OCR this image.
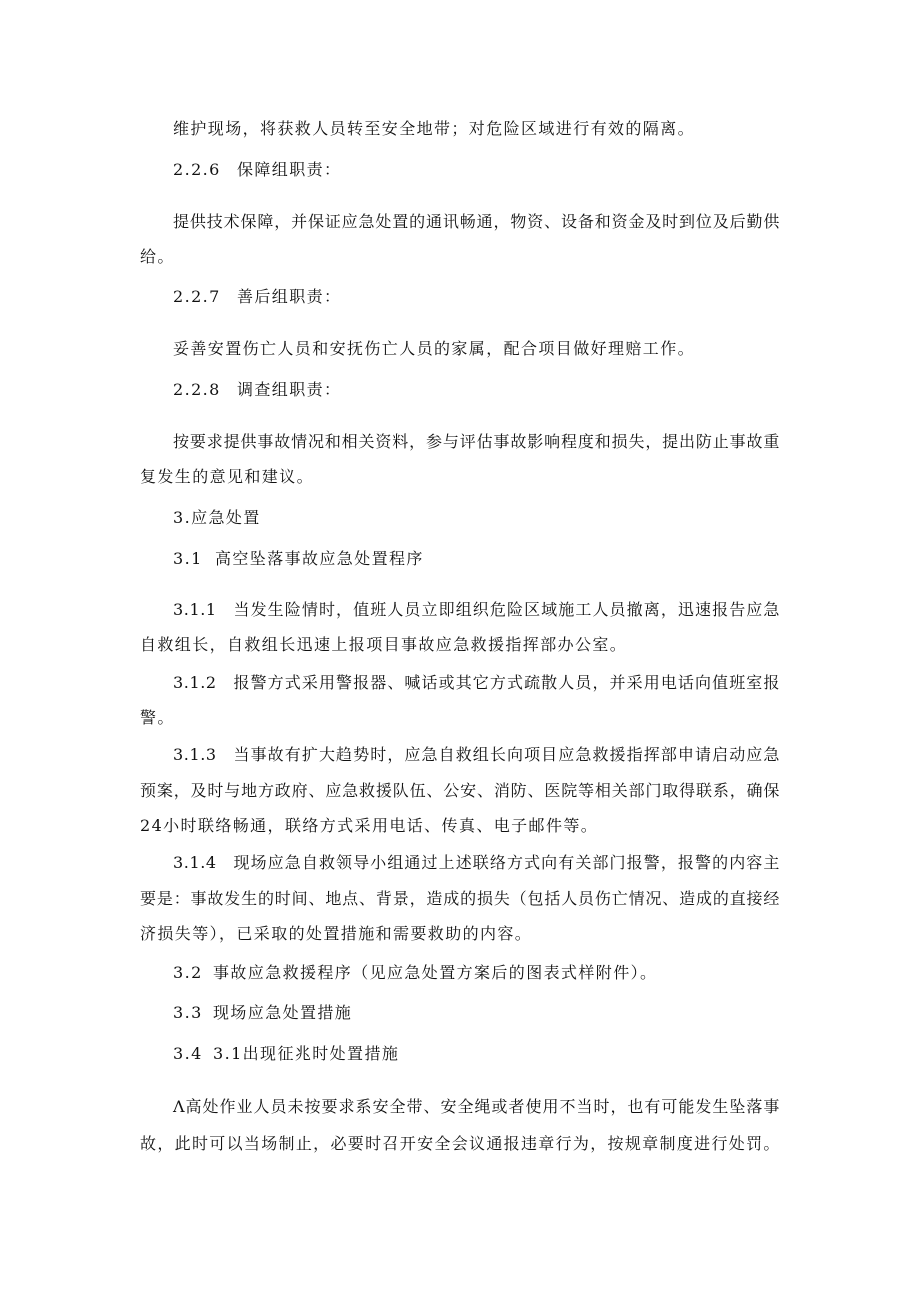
维护现场，将获救人员转至安全地带；对危险区域进行有效的隔离。
2.2.6 保障组职责：
提供技术保障，并保证应急处置的通讯畅通，物资、设备和资金及时到位及后勤供
给。
2.2.7 善后组职责：
妥善安置伤亡人员和安抚伤亡人员的家属，配合项目做好理赔工作。
2.2.8 调查组职责：
按要求提供事故情况和相关资料，参与评估事故影响程度和损失，提出防止事故重
复发生的意见和建议。
3.应急处置
3.1 高空坠落事故应急处置程序
3.1.1 当发生险情时，值班人员立即组织危险区域施工人员撤离，迅速报告应急
自救组长，自救组长迅速上报项目事故应急救援指挥部办公室。
3.1.2 报警方式采用警报器、喊话或其它方式疏散人员，并采用电话向值班室报
警。
3.1.3 当事故有扩大趋势时，应急自救组长向项目应急救援指挥部申请启动应急
预案，及时与地方政府、应急救援队伍、公安、消防、医院等相关部门取得联系，确保
24小时联络畅通，联络方式采用电话、传真、电子邮件等。
3.1.4 现场应急自救领导小组通过上述联络方式向有关部门报警，报警的内容主
要是：事故发生的时间、地点、背景，造成的损失（包括人员伤亡情况、造成的直接经
济损失等），已采取的处置措施和需要救助的内容。
3.2 事故应急救援程序（见应急处置方案后的图表式样附件）。
3.3 现场应急处置措施
3.4 3.1出现征兆时处置措施
Λ高处作业人员未按要求系安全带、安全绳或者使用不当时，也有可能发生坠落事
故，此时可以当场制止，必要时召开安全会议通报违章行为，按规章制度进行处罚。
